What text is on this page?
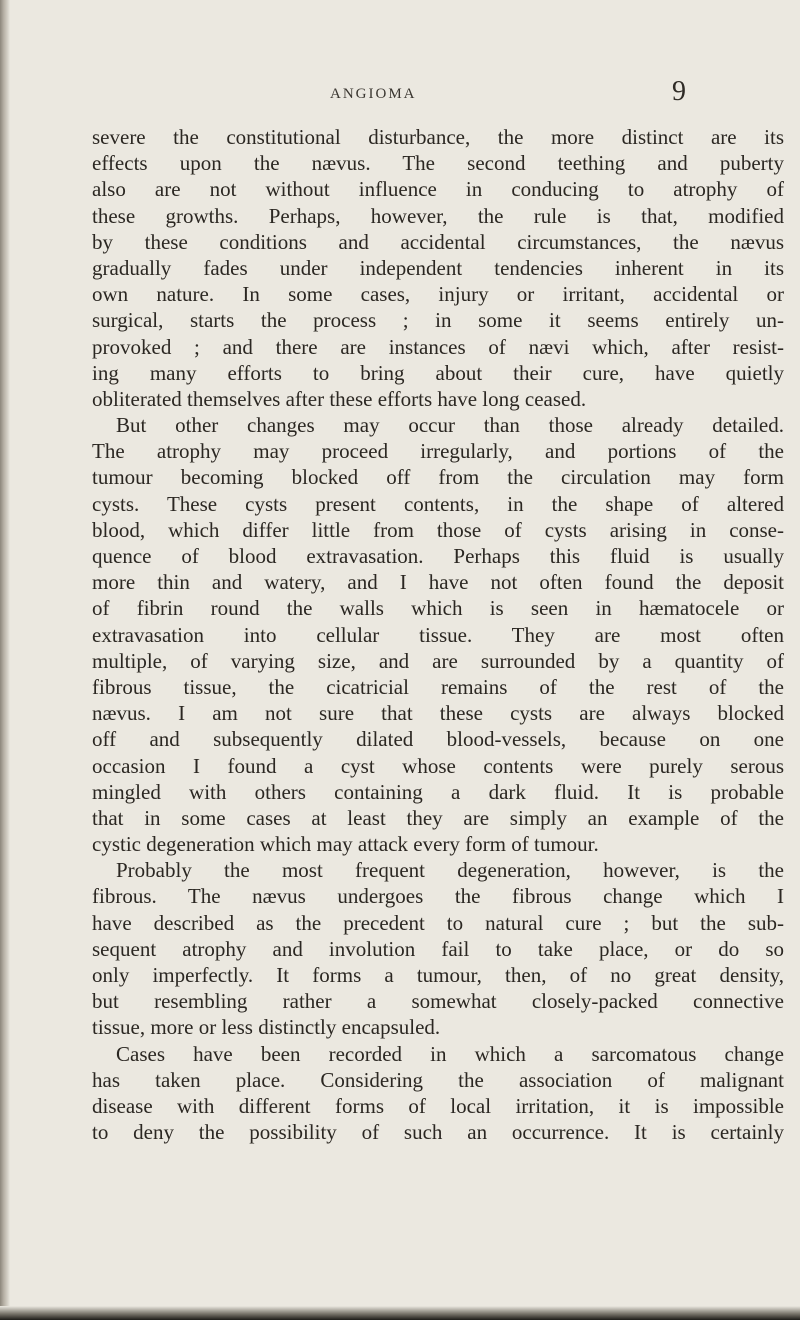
ANGIOMA	9
severe the constitutional disturbance, the more distinct are its
effects upon the nævus. The second teething and puberty
also are not without influence in conducing to atrophy of
these growths. Perhaps, however, the rule is that, modified
by these conditions and accidental circumstances, the nævus
gradually fades under independent tendencies inherent in its
own nature. In some cases, injury or irritant, accidental or
surgical, starts the process ; in some it seems entirely un-
provoked ; and there are instances of nævi which, after resist-
ing many efforts to bring about their cure, have quietly
obliterated themselves after these efforts have long ceased.
But other changes may occur than those already detailed.
The atrophy may proceed irregularly, and portions of the
tumour becoming blocked off from the circulation may form
cysts. These cysts present contents, in the shape of altered
blood, which differ little from those of cysts arising in conse-
quence of blood extravasation. Perhaps this fluid is usually
more thin and watery, and I have not often found the deposit
of fibrin round the walls which is seen in hæmatocele or
extravasation into cellular tissue. They are most often
multiple, of varying size, and are surrounded by a quantity of
fibrous tissue, the cicatricial remains of the rest of the
nævus. I am not sure that these cysts are always blocked
off and subsequently dilated blood-vessels, because on one
occasion I found a cyst whose contents were purely serous
mingled with others containing a dark fluid. It is probable
that in some cases at least they are simply an example of the
cystic degeneration which may attack every form of tumour.
Probably the most frequent degeneration, however, is the
fibrous. The nævus undergoes the fibrous change which I
have described as the precedent to natural cure ; but the sub-
sequent atrophy and involution fail to take place, or do so
only imperfectly. It forms a tumour, then, of no great density,
but resembling rather a somewhat closely-packed connective
tissue, more or less distinctly encapsuled.
Cases have been recorded in which a sarcomatous change
has taken place. Considering the association of malignant
disease with different forms of local irritation, it is impossible
to deny the possibility of such an occurrence. It is certainly
